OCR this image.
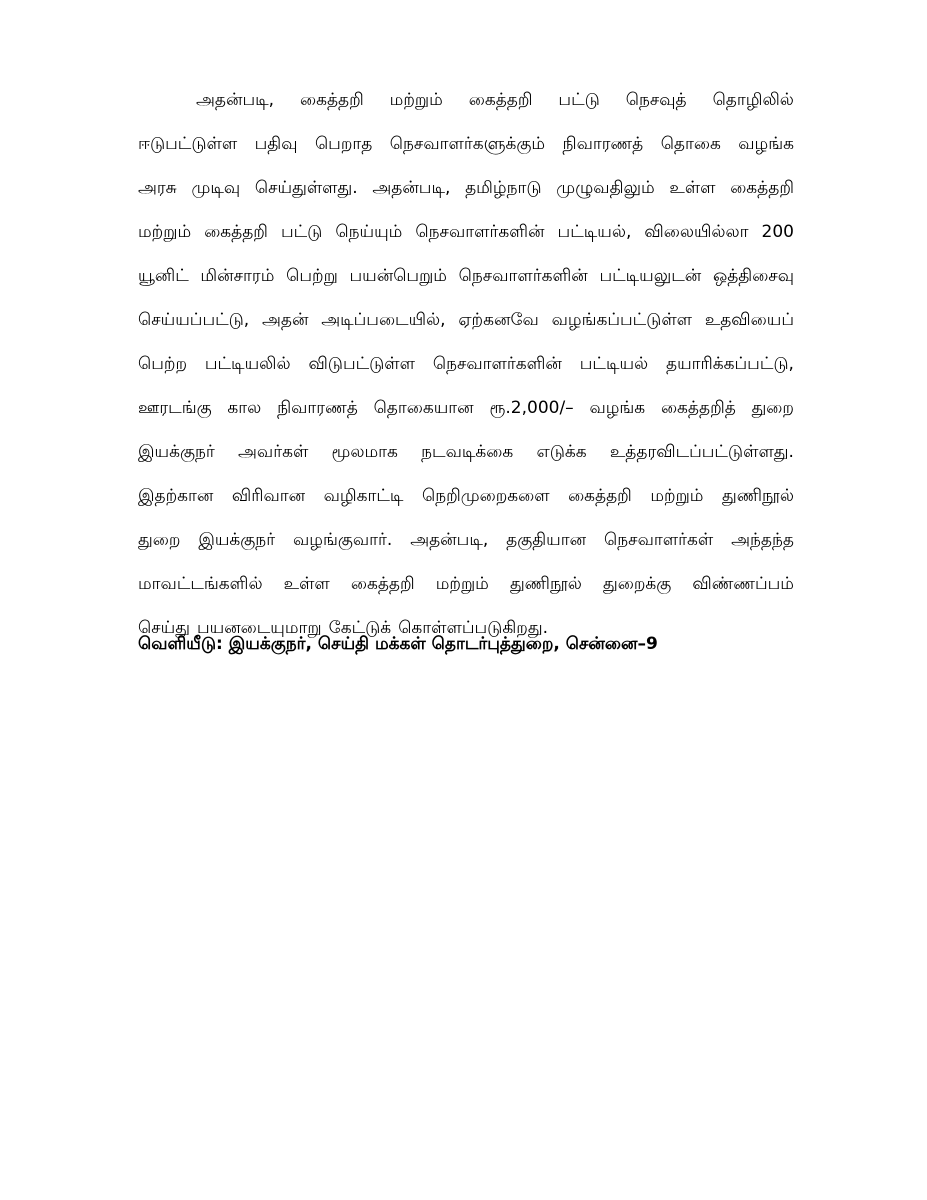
அதன்படி, கைத்தறி மற்றும் கைத்தறி பட்டு நெசவுத் தொழிலில்
ஈடுபட்டுள்ள பதிவு பெறாத நெசவாளர்களுக்கும் நிவாரணத் தொகை வழங்க
அரசு முடிவு செய்துள்ளது. அதன்படி, தமிழ்நாடு முழுவதிலும் உள்ள கைத்தறி
மற்றும் கைத்தறி பட்டு நெய்யும் நெசவாளர்களின் பட்டியல், விலையில்லா 200
யூனிட் மின்சாரம் பெற்று பயன்பெறும் நெசவாளர்களின் பட்டியலுடன் ஒத்திசைவு
செய்யப்பட்டு, அதன் அடிப்படையில், ஏற்கனவே வழங்கப்பட்டுள்ள உதவியைப்
பெற்ற பட்டியலில் விடுபட்டுள்ள நெசவாளர்களின் பட்டியல் தயாரிக்கப்பட்டு,
ஊரடங்கு கால நிவாரணத் தொகையான ரூ.2,000/– வழங்க கைத்தறித் துறை
இயக்குநர் அவர்கள் மூலமாக நடவடிக்கை எடுக்க உத்தரவிடப்பட்டுள்ளது.
இதற்கான விரிவான வழிகாட்டி நெறிமுறைகளை கைத்தறி மற்றும் துணிநூல்
துறை இயக்குநர் வழங்குவார். அதன்படி, தகுதியான நெசவாளர்கள் அந்தந்த
மாவட்டங்களில் உள்ள கைத்தறி மற்றும் துணிநூல் துறைக்கு விண்ணப்பம்
செய்து பயனடையுமாறு கேட்டுக் கொள்ளப்படுகிறது.
வெளியீடு: இயக்குநர், செய்தி மக்கள் தொடர்புத்துறை, சென்னை–9
